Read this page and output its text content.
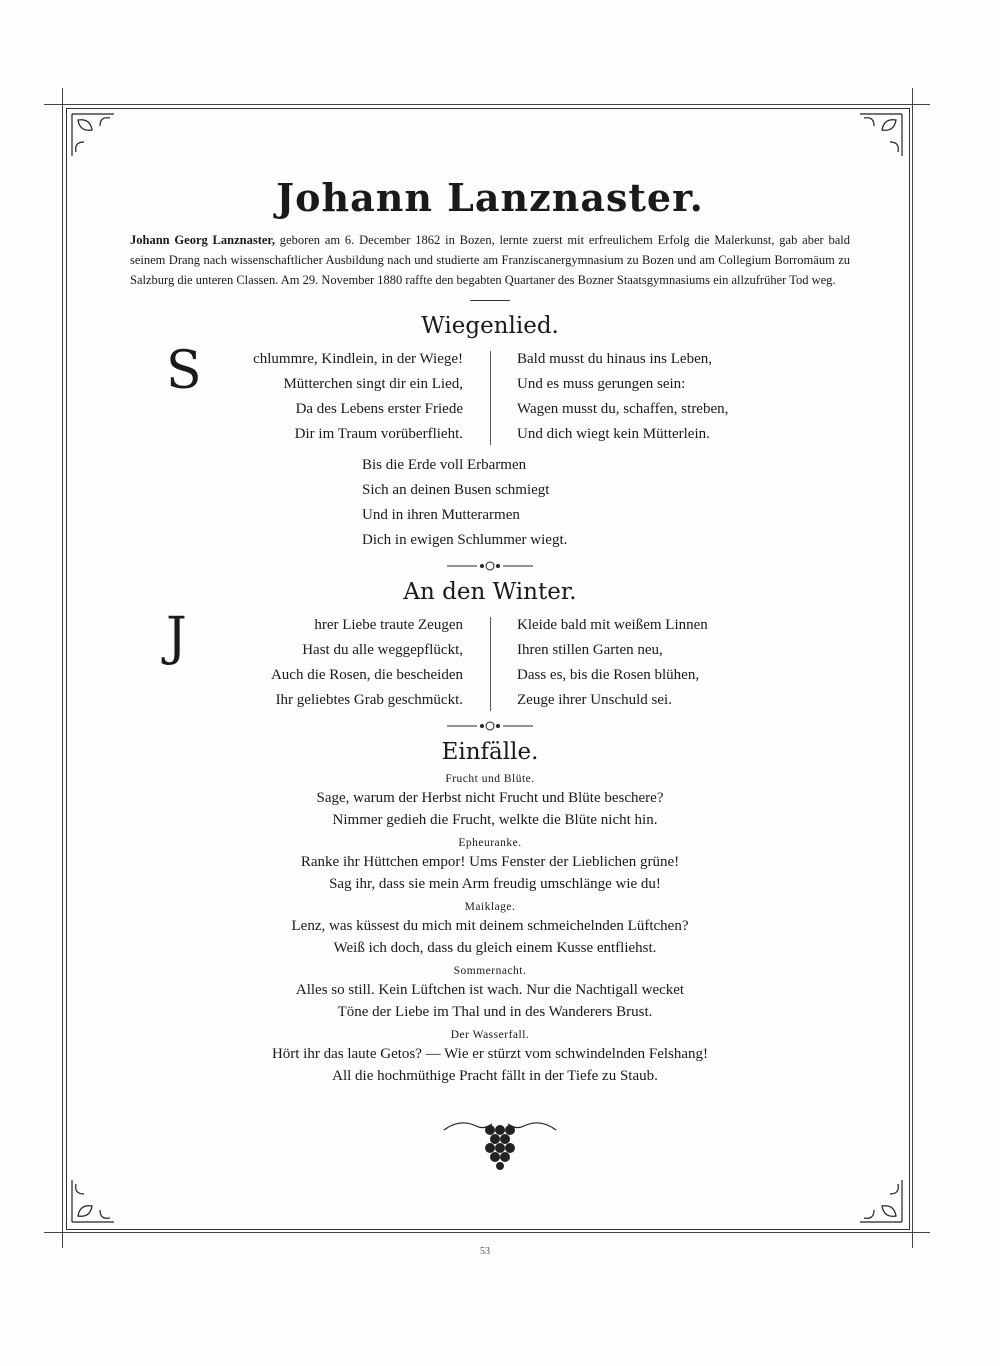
Johann Lanznaster.

Johann Georg Lanznaster, geboren am 6. December 1862 in Bozen, lernte zuerst mit erfreulichem Erfolg die Malerkunst, gab aber bald seinem Drang nach wissenschaftlicher Ausbildung nach und studierte am Franziscanergymnasium zu Bozen und am Collegium Borromäum zu Salzburg die unteren Classen. Am 29. November 1880 raffte den begabten Quartaner des Bozner Staatsgymnasiums ein allzufrüher Tod weg.

Wiegenlied.
S	chlummre, Kindlein, in der Wiege!
Mütterchen singt dir ein Lied,
Da des Lebens erster Friede
Dir im Traum vorüberflieht.
Bald musst du hinaus ins Leben,
Und es muss gerungen sein:
Wagen musst du, schaffen, streben,
Und dich wiegt kein Mütterlein.
Bis die Erde voll Erbarmen
Sich an deinen Busen schmiegt
Und in ihren Mutterarmen
Dich in ewigen Schlummer wiegt.
An den Winter.
J	hrer Liebe traute Zeugen
Hast du alle weggepflückt,
Auch die Rosen, die bescheiden
Ihr geliebtes Grab geschmückt.
Kleide bald mit weißem Linnen
Ihren stillen Garten neu,
Dass es, bis die Rosen blühen,
Zeuge ihrer Unschuld sei.
Einfälle.
Frucht und Blüte.
Sage, warum der Herbst nicht Frucht und Blüte beschere?
Nimmer gedieh die Frucht, welkte die Blüte nicht hin.
Epheuranke.
Ranke ihr Hüttchen empor! Ums Fenster der Lieblichen grüne!
Sag ihr, dass sie mein Arm freudig umschlänge wie du!
Maiklage.
Lenz, was küssest du mich mit deinem schmeichelnden Lüftchen?
Weiß ich doch, dass du gleich einem Kusse entfliehst.
Sommernacht.
Alles so still. Kein Lüftchen ist wach. Nur die Nachtigall wecket
Töne der Liebe im Thal und in des Wanderers Brust.
Der Wasserfall.
Hört ihr das laute Getos? — Wie er stürzt vom schwindelnden Felshang!
All die hochmüthige Pracht fällt in der Tiefe zu Staub.
53
